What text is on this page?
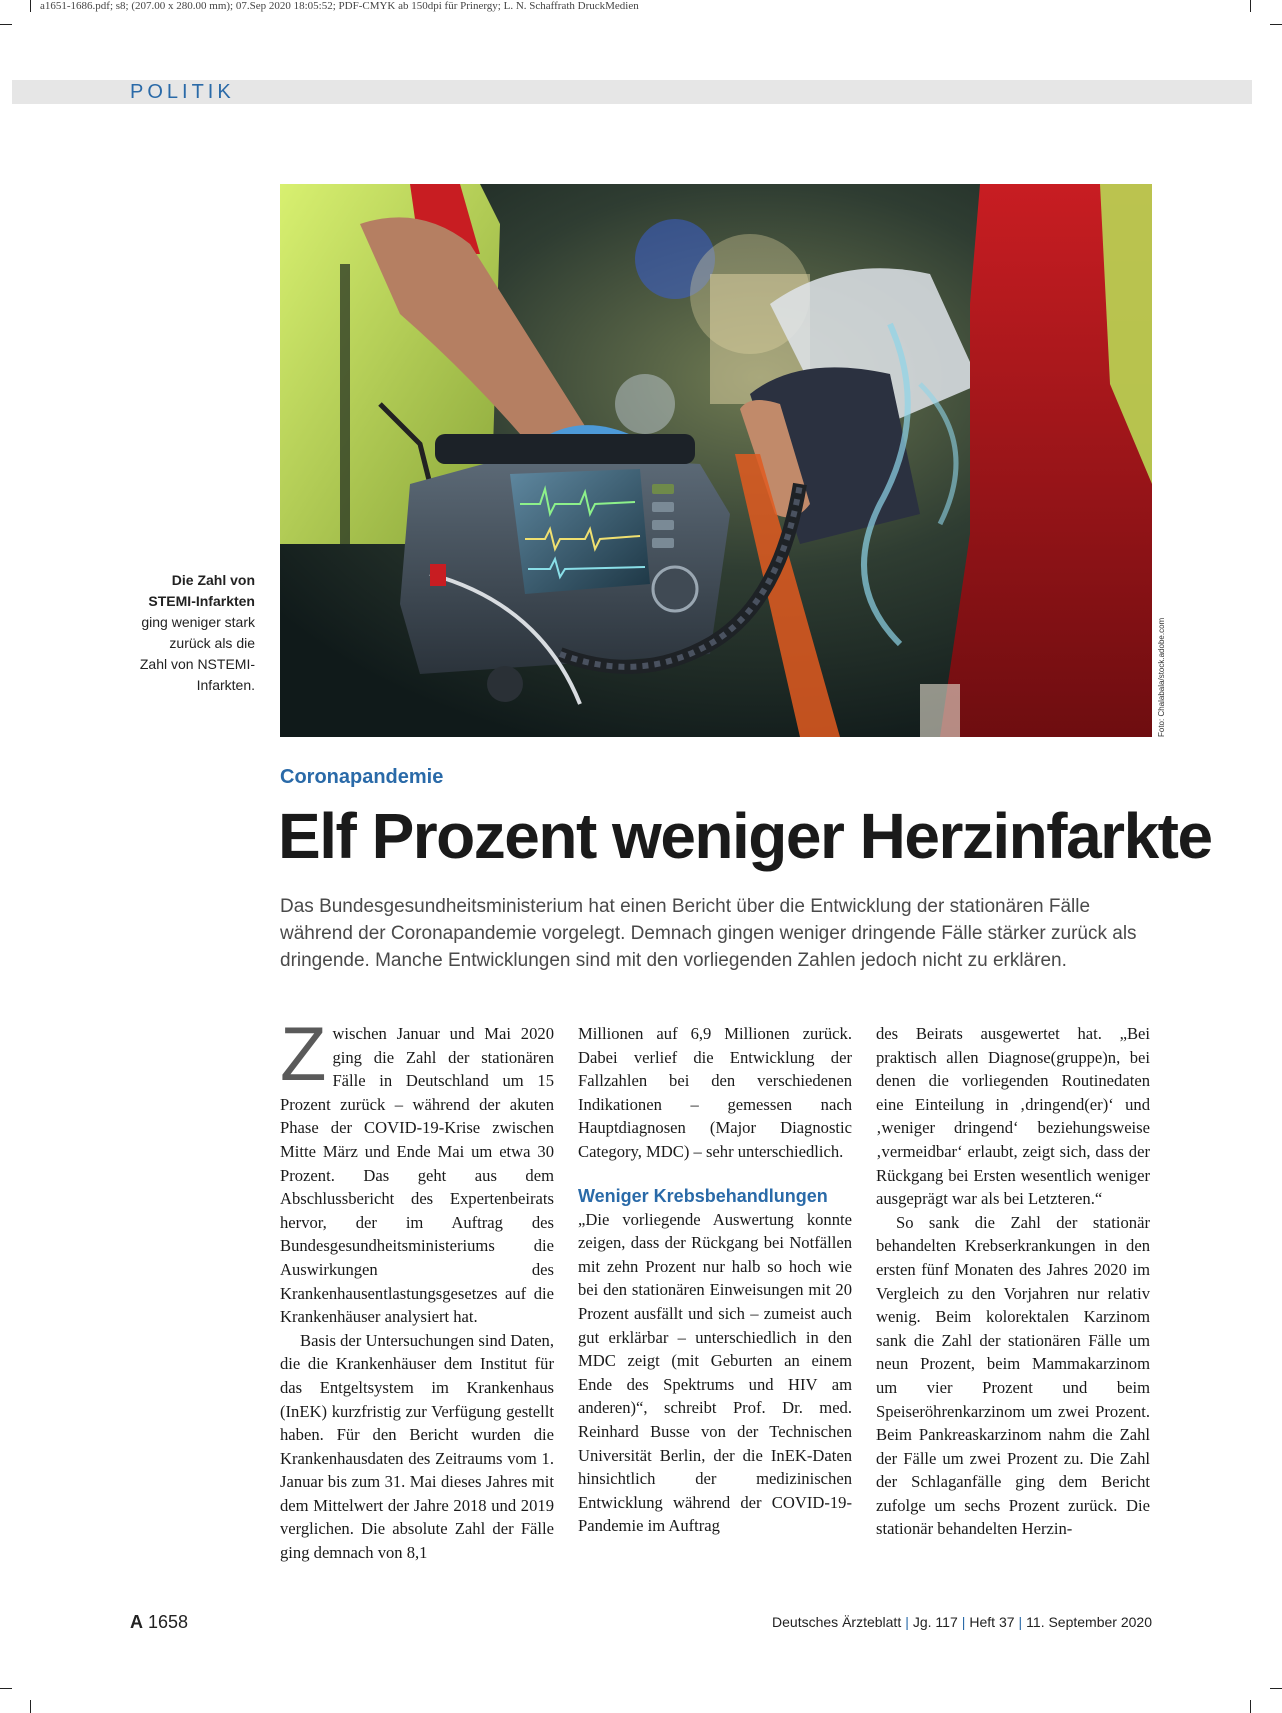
a1651-1686.pdf; s8; (207.00 x 280.00 mm); 07.Sep 2020 18:05:52; PDF-CMYK ab 150dpi für Prinergy; L. N. Schaffrath DruckMedien
POLITIK
Foto: Chalabala/stock.adobe.com
Die Zahl von
STEMI-Infarkten
ging weniger stark
zurück als die
Zahl von NSTEMI-
Infarkten.
Coronapandemie
Elf Prozent weniger Herzinfarkte

Das Bundesgesundheitsministerium hat einen Bericht über die Entwicklung der stationären Fälle während der Coronapandemie vorgelegt. Demnach gingen weniger dringende Fälle stärker zurück als dringende. Manche Entwicklungen sind mit den vorliegenden Zahlen jedoch nicht zu erklären.

Zwischen Januar und Mai 2020 ging die Zahl der stationären Fälle in Deutschland um 15 Prozent zurück – während der akuten Phase der COVID-19-Krise zwischen Mitte März und Ende Mai um etwa 30 Prozent. Das geht aus dem Abschlussbericht des Expertenbeirats hervor, der im Auftrag des Bundesgesundheitsministeriums die Auswirkungen des Krankenhausentlastungsgesetzes auf die Krankenhäuser analysiert hat.

Basis der Untersuchungen sind Daten, die die Krankenhäuser dem Institut für das Entgeltsystem im Krankenhaus (InEK) kurzfristig zur Verfügung gestellt haben. Für den Bericht wurden die Krankenhausdaten des Zeitraums vom 1. Januar bis zum 31. Mai dieses Jahres mit dem Mittelwert der Jahre 2018 und 2019 verglichen. Die absolute Zahl der Fälle ging demnach von 8,1

Millionen auf 6,9 Millionen zurück. Dabei verlief die Entwicklung der Fallzahlen bei den verschiedenen Indikationen – gemessen nach Hauptdiagnosen (Major Diagnostic Category, MDC) – sehr unterschiedlich.

Weniger Krebsbehandlungen

„Die vorliegende Auswertung konnte zeigen, dass der Rückgang bei Notfällen mit zehn Prozent nur halb so hoch wie bei den stationären Einweisungen mit 20 Prozent ausfällt und sich – zumeist auch gut erklärbar – unterschiedlich in den MDC zeigt (mit Geburten an einem Ende des Spektrums und HIV am anderen)“, schreibt Prof. Dr. med. Reinhard Busse von der Technischen Universität Berlin, der die InEK-Daten hinsichtlich der medizinischen Entwicklung während der COVID-19-Pandemie im Auftrag

des Beirats ausgewertet hat. „Bei praktisch allen Diagnose(gruppe)n, bei denen die vorliegenden Routinedaten eine Einteilung in ‚dringend(er)‘ und ‚weniger dringend‘ beziehungsweise ‚vermeidbar‘ erlaubt, zeigt sich, dass der Rückgang bei Ersten wesentlich weniger ausgeprägt war als bei Letzteren.“

So sank die Zahl der stationär behandelten Krebserkrankungen in den ersten fünf Monaten des Jahres 2020 im Vergleich zu den Vorjahren nur relativ wenig. Beim kolorektalen Karzinom sank die Zahl der stationären Fälle um neun Prozent, beim Mammakarzinom um vier Prozent und beim Speiseröhrenkarzinom um zwei Prozent. Beim Pankreaskarzinom nahm die Zahl der Fälle um zwei Prozent zu. Die Zahl der Schlaganfälle ging dem Bericht zufolge um sechs Prozent zurück. Die stationär behandelten Herzin-

A 1658	Deutsches Ärzteblatt | Jg. 117 | Heft 37 | 11. September 2020
